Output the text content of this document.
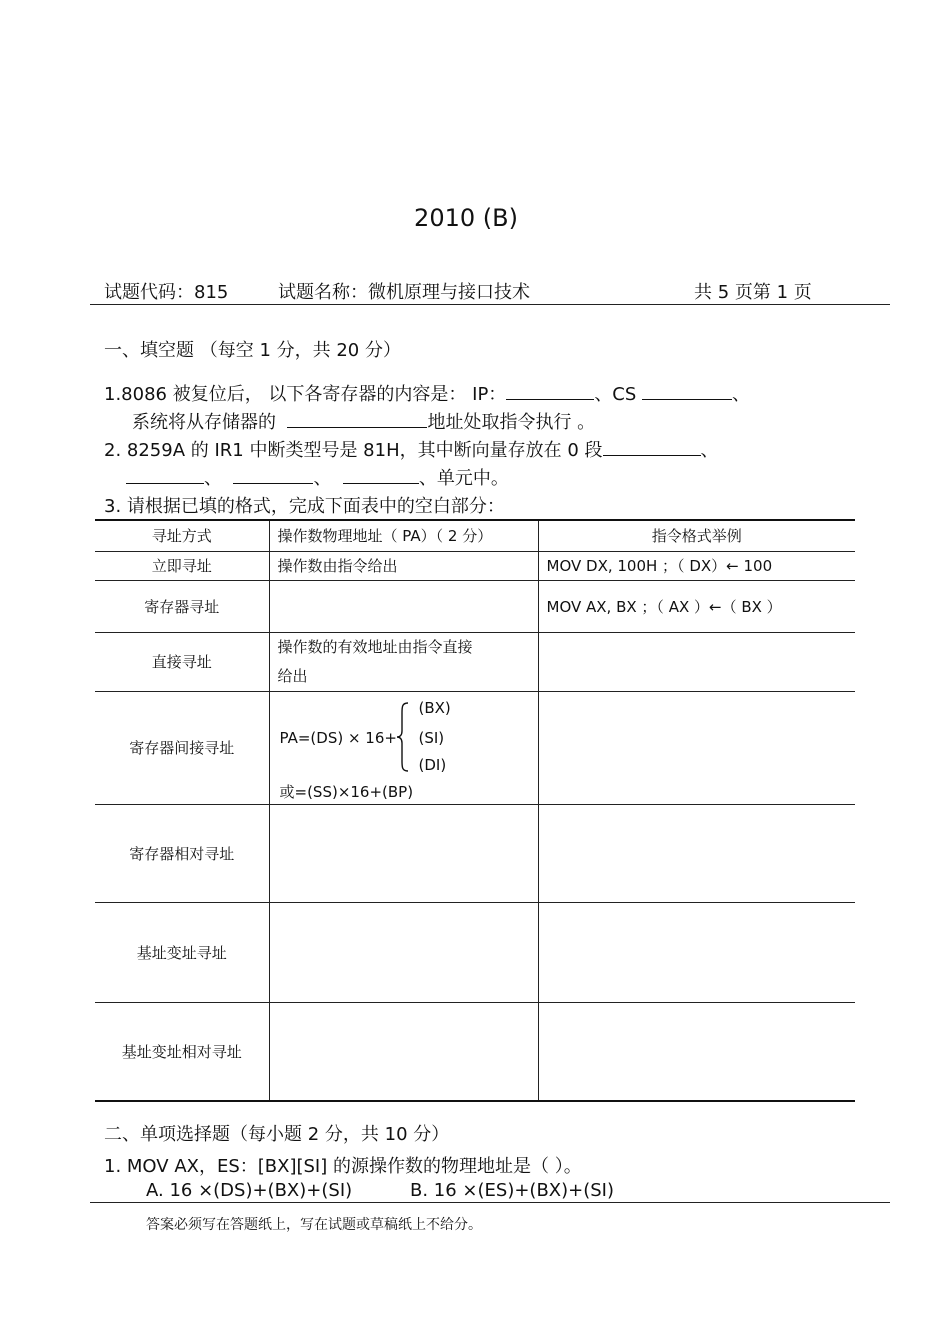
2010 (B)
试题代码：815	试题名称：微机原理与接口技术	共 5 页第 1 页
一、填空题 （每空 1 分，共 20 分）
1.8086 被复位后， 以下各寄存器的内容是： IP：	、CS	、
系统将从存储器的	地址处取指令执行 。
2. 8259A 的 IR1 中断类型号是 81H，其中断向量存放在 0 段	、
、	、	、单元中。
3. 请根据已填的格式，完成下面表中的空白部分：
寻址方式	操作数物理地址（ PA）（ 2 分）	指令格式举例
立即寻址	操作数由指令给出	MOV DX, 100H ；（ DX）← 100
寄存器寻址		MOV AX, BX ；（ AX ）←（ BX ）
直接寻址	操作数的有效地址由指令直接
给出	

寄存器间接寻址	PA=(DS) × 16+
(BX)
(SI)
(DI)
或=(SS)×16+(BP)	

寄存器相对寻址		
基址变址寻址		
基址变址相对寻址		
二、单项选择题（每小题 2 分，共 10 分）
1. MOV AX，ES：[BX][SI] 的源操作数的物理地址是（ ）。
A. 16 ×(DS)+(BX)+(SI)	B. 16 ×(ES)+(BX)+(SI)
答案必须写在答题纸上，写在试题或草稿纸上不给分。
